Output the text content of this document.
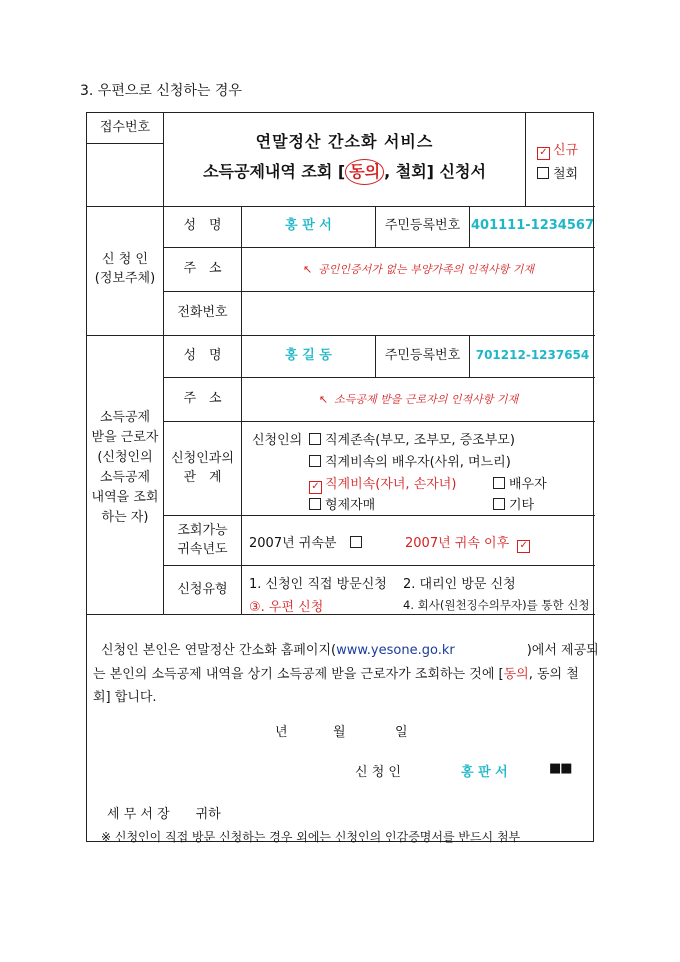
3. 우편으로 신청하는 경우
접수번호
연말정산 간소화 서비스
소득공제내역 조회 [ 동의 , 철회] 신청서
✓ 신규
철회
신 청 인
(정보주체)
성　명	홍 판 서	주민등록번호 401111-1234567
주　소	↖ 공인인증서가 없는 부양가족의 인적사항 기재
전화번호
소득공제
받을 근로자
(신청인의
소득공제
내역을 조회
하는 자)
성　명	홍 길 동	주민등록번호	701212-1237654
주　소	↖ 소득공제 받을 근로자의 인적사항 기재
신청인과의
관　계
신청인의	직계존속(부모, 조부모, 증조부모)
직계비속의 배우자(사위, 며느리)
✓ 직계비속(자녀, 손자녀)	배우자
형제자매	기타
조회가능
귀속년도 2007년 귀속분	2007년 귀속 이후 ✓
신청유형	1. 신청인 직접 방문신청 2. 대리인 방문 신청
③. 우편 신청	4. 회사(원천징수의무자)를 통한 신청
신청인 본인은 연말정산 간소화 홈페이지(www.yesone.go.kr	)에서 제공되
는 본인의 소득공제 내역을 상기 소득공제 받을 근로자가 조회하는 것에 [동의, 동의 철
회] 합니다.
년	월	일
신 청 인	홍 판 서	■■
세 무 서 장　　귀하
※ 신청인이 직접 방문 신청하는 경우 외에는 신청인의 인감증명서를 반드시 첨부
